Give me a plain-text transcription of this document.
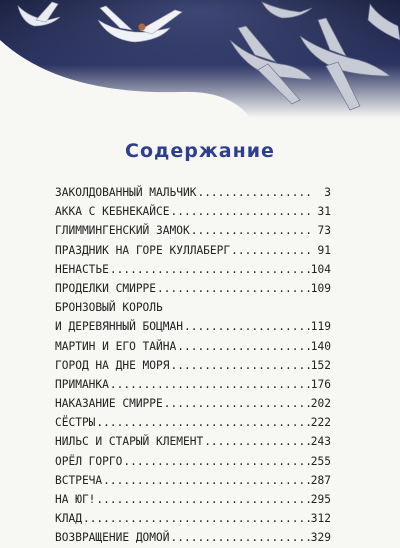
Содержание
ЗАКОЛДОВАННЫЙ МАЛЬЧИК .....	3
АККА С КЕБНЕКАЙСЕ .....	31
ГЛИММИНГЕНСКИЙ ЗАМОК .....	73
ПРАЗДНИК НА ГОРЕ КУЛЛАБЕРГ .....	91
НЕНАСТЬЕ .....	104
ПРОДЕЛКИ СМИРРЕ .....	109
БРОНЗОВЫЙ КОРОЛЬ
И ДЕРЕВЯННЫЙ БОЦМАН .....	119
МАРТИН И ЕГО ТАЙНА .....	140
ГОРОД НА ДНЕ МОРЯ .....	152
ПРИМАНКА .....	176
НАКАЗАНИЕ СМИРРЕ .....	202
СЁСТРЫ .....	222
НИЛЬС И СТАРЫЙ КЛЕМЕНТ .....	243
ОРЁЛ ГОРГО .....	255
ВСТРЕЧА .....	287
НА ЮГ! .....	295
КЛАД .....	312
ВОЗВРАЩЕНИЕ ДОМОЙ .....	329
